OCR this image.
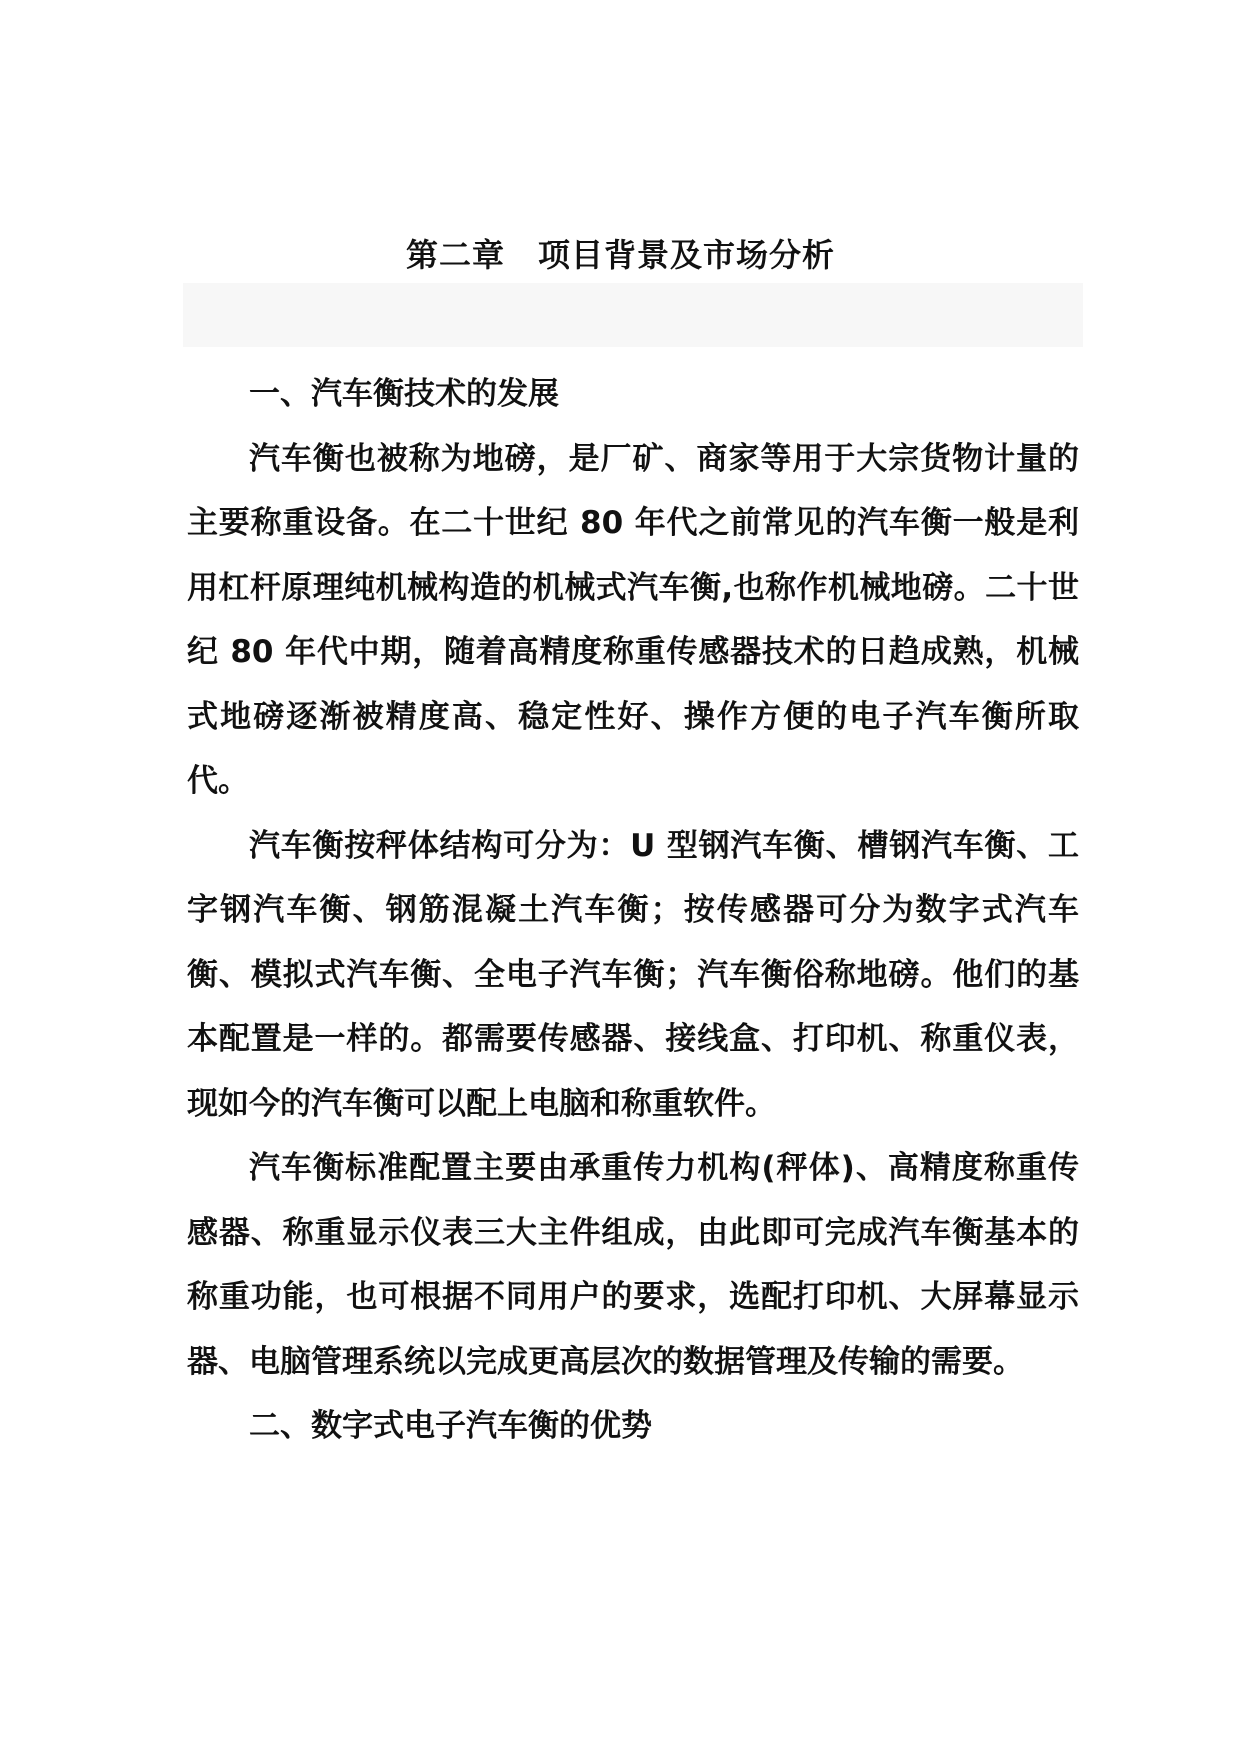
第二章　项目背景及市场分析
一、汽车衡技术的发展

汽车衡也被称为地磅，是厂矿、商家等用于大宗货物计量的主要称重设备。在二十世纪 80 年代之前常见的汽车衡一般是利用杠杆原理纯机械构造的机械式汽车衡,也称作机械地磅。二十世纪 80 年代中期，随着高精度称重传感器技术的日趋成熟，机械式地磅逐渐被精度高、稳定性好、操作方便的电子汽车衡所取代。

汽车衡按秤体结构可分为：U 型钢汽车衡、槽钢汽车衡、工字钢汽车衡、钢筋混凝土汽车衡；按传感器可分为数字式汽车衡、模拟式汽车衡、全电子汽车衡；汽车衡俗称地磅。他们的基本配置是一样的。都需要传感器、接线盒、打印机、称重仪表，现如今的汽车衡可以配上电脑和称重软件。

汽车衡标准配置主要由承重传力机构(秤体)、高精度称重传感器、称重显示仪表三大主件组成，由此即可完成汽车衡基本的称重功能，也可根据不同用户的要求，选配打印机、大屏幕显示器、电脑管理系统以完成更高层次的数据管理及传输的需要。

二、数字式电子汽车衡的优势
